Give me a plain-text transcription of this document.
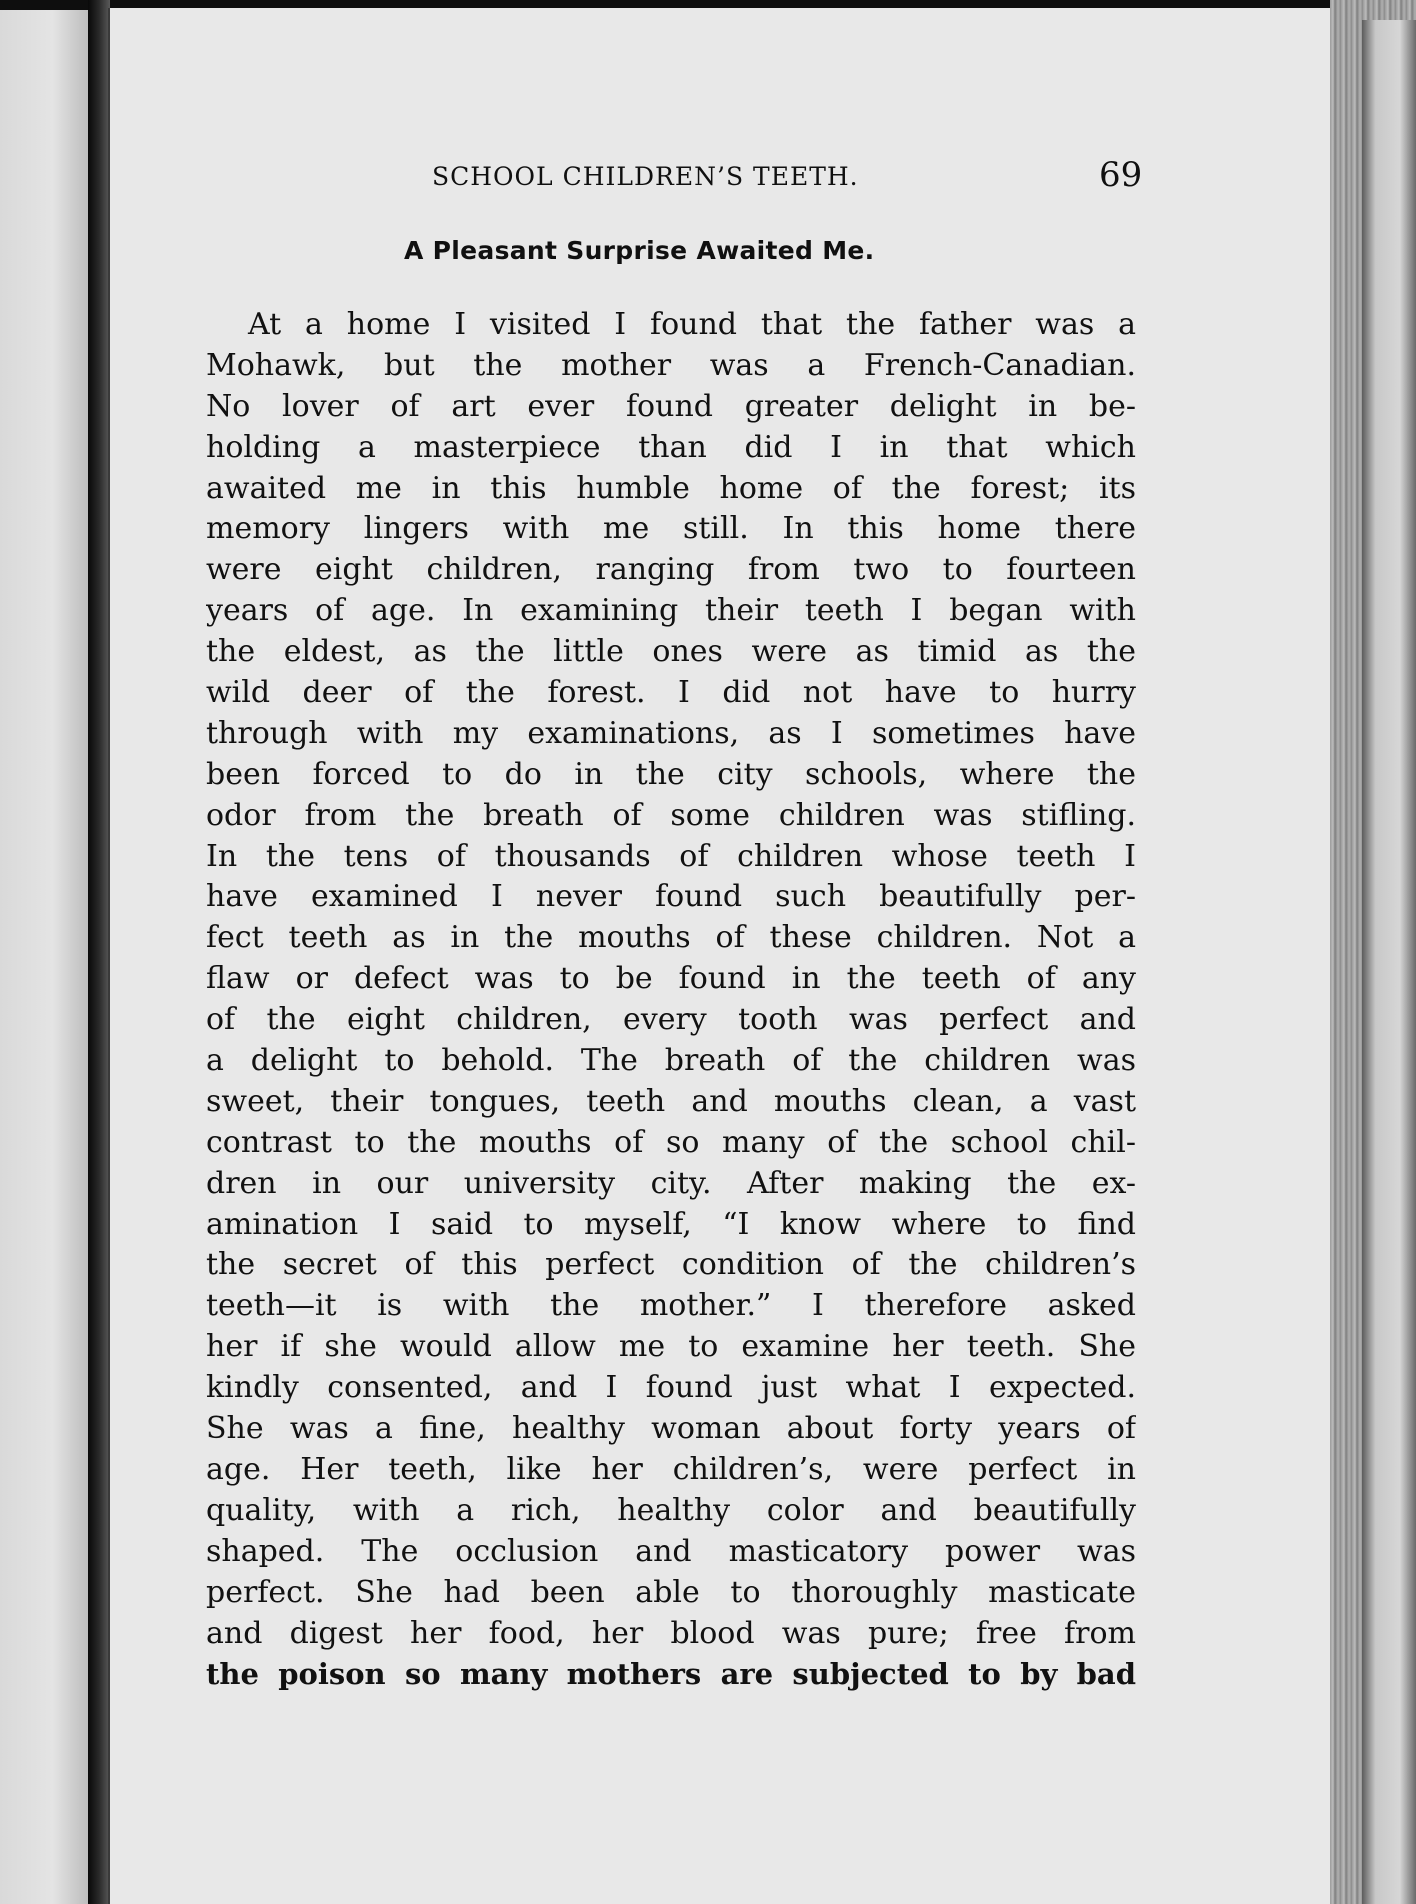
SCHOOL CHILDREN’S TEETH.	69
A Pleasant Surprise Awaited Me.
At a home I visited I found that the father was a
Mohawk, but the mother was a French-Canadian.
No lover of art ever found greater delight in be-
holding a masterpiece than did I in that which
awaited me in this humble home of the forest; its
memory lingers with me still. In this home there
were eight children, ranging from two to fourteen
years of age. In examining their teeth I began with
the eldest, as the little ones were as timid as the
wild deer of the forest. I did not have to hurry
through with my examinations, as I sometimes have
been forced to do in the city schools, where the
odor from the breath of some children was stifling.
In the tens of thousands of children whose teeth I
have examined I never found such beautifully per-
fect teeth as in the mouths of these children. Not a
flaw or defect was to be found in the teeth of any
of the eight children, every tooth was perfect and
a delight to behold. The breath of the children was
sweet, their tongues, teeth and mouths clean, a vast
contrast to the mouths of so many of the school chil-
dren in our university city. After making the ex-
amination I said to myself, “I know where to find
the secret of this perfect condition of the children’s
teeth—it is with the mother.” I therefore asked
her if she would allow me to examine her teeth. She
kindly consented, and I found just what I expected.
She was a fine, healthy woman about forty years of
age. Her teeth, like her children’s, were perfect in
quality, with a rich, healthy color and beautifully
shaped. The occlusion and masticatory power was
perfect. She had been able to thoroughly masticate
and digest her food, her blood was pure; free from
the poison so many mothers are subjected to by bad
